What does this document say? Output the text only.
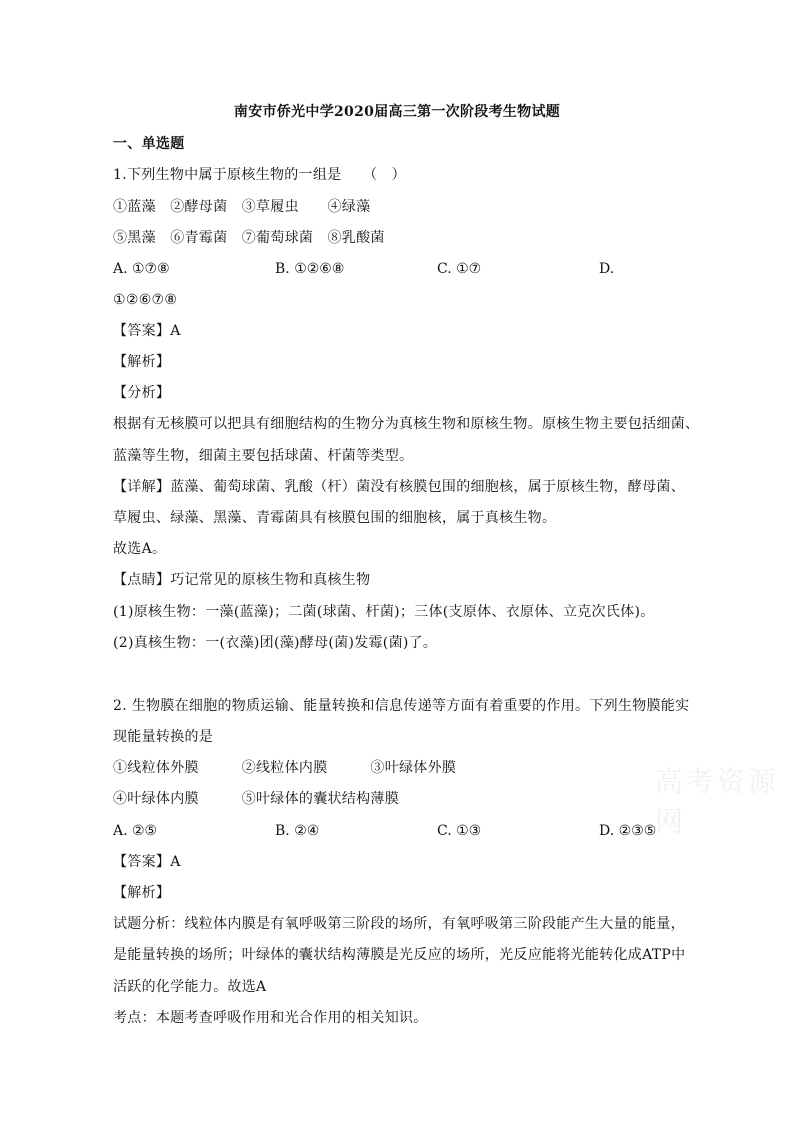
高考资源网
南安市侨光中学2020届高三第一次阶段考生物试题
一、单选题
1.下列生物中属于原核生物的一组是　　（　）
①蓝藻　②酵母菌　③草履虫　　④绿藻
⑤黑藻　⑥青霉菌　⑦葡萄球菌　⑧乳酸菌
A. ①⑦⑧	B. ①②⑥⑧	C. ①⑦	D.
①②⑥⑦⑧
【答案】A
【解析】
【分析】
根据有无核膜可以把具有细胞结构的生物分为真核生物和原核生物。原核生物主要包括细菌、
蓝藻等生物，细菌主要包括球菌、杆菌等类型。
【详解】蓝藻、葡萄球菌、乳酸（杆）菌没有核膜包围的细胞核，属于原核生物，酵母菌、
草履虫、绿藻、黑藻、青霉菌具有核膜包围的细胞核，属于真核生物。
故选A。
【点睛】巧记常见的原核生物和真核生物
(1)原核生物：一藻(蓝藻)；二菌(球菌、杆菌)；三体(支原体、衣原体、立克次氏体)。
(2)真核生物：一(衣藻)团(藻)酵母(菌)发霉(菌)了。
2. 生物膜在细胞的物质运输、能量转换和信息传递等方面有着重要的作用。下列生物膜能实
现能量转换的是
①线粒体外膜　　　②线粒体内膜　　　③叶绿体外膜
④叶绿体内膜　　　⑤叶绿体的囊状结构薄膜
A. ②⑤	B. ②④	C. ①③	D. ②③⑤
【答案】A
【解析】
试题分析：线粒体内膜是有氧呼吸第三阶段的场所，有氧呼吸第三阶段能产生大量的能量，
是能量转换的场所；叶绿体的囊状结构薄膜是光反应的场所，光反应能将光能转化成ATP中
活跃的化学能力。故选A
考点：本题考查呼吸作用和光合作用的相关知识。
